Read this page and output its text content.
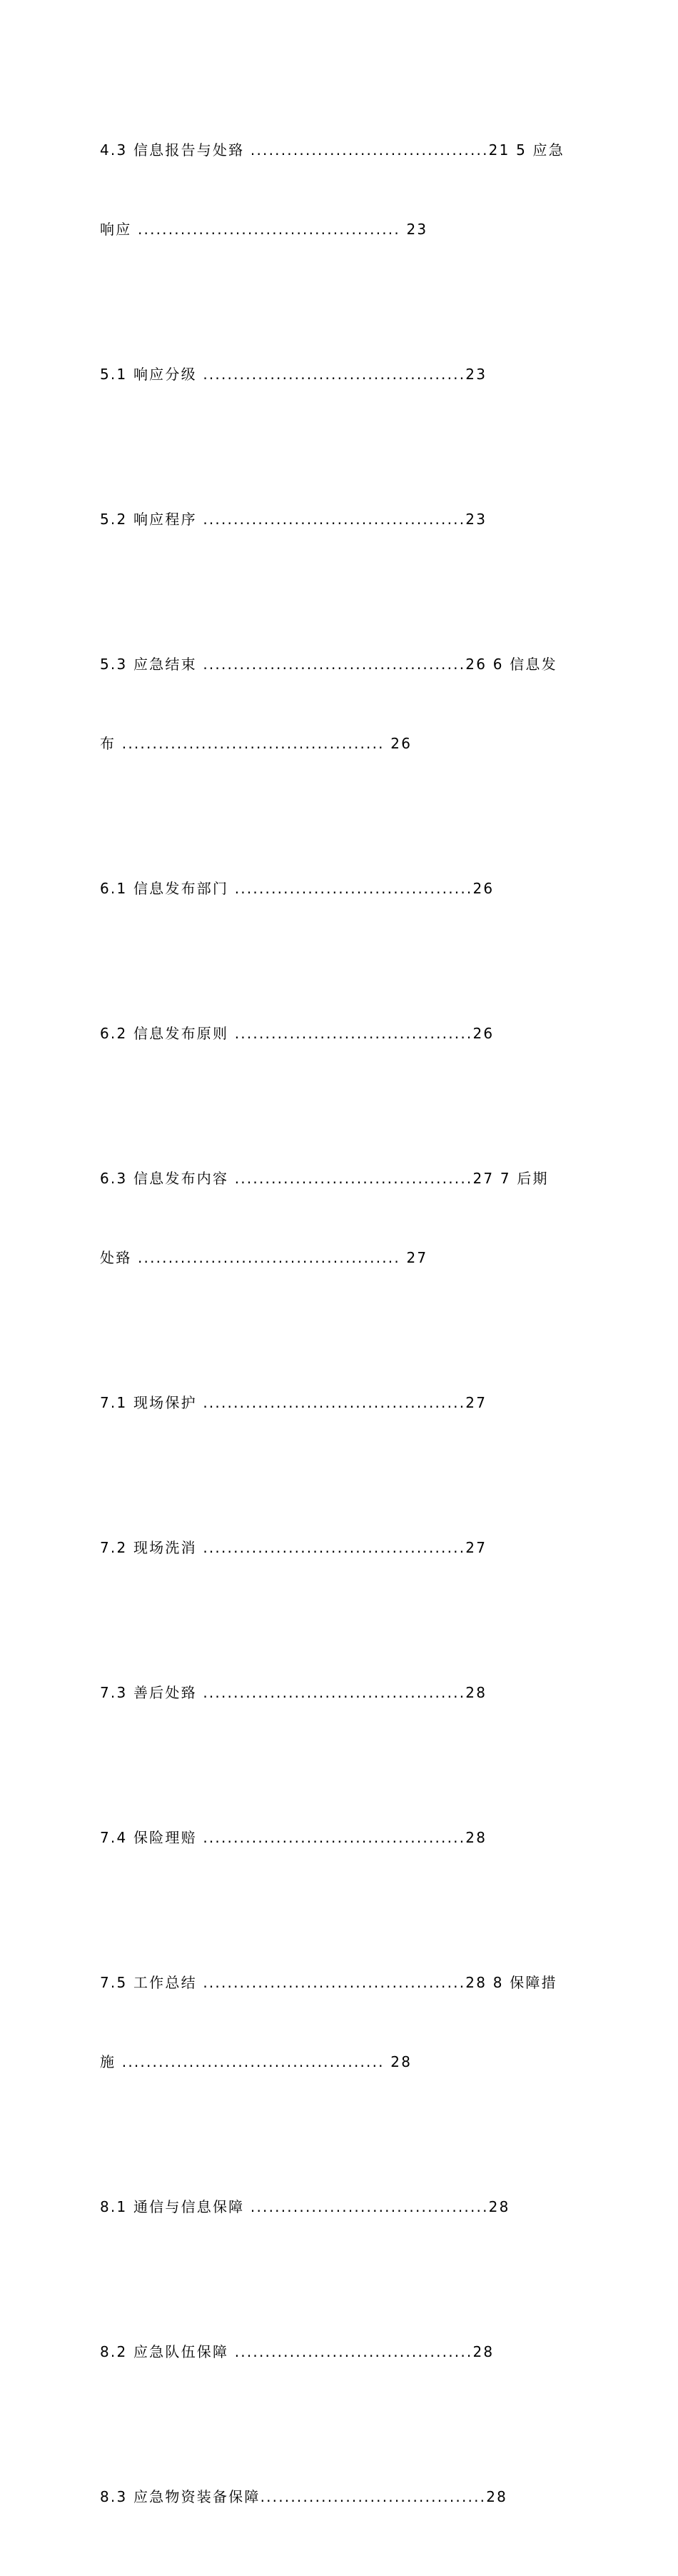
4.3 信息报告与处臵 .......................................21 5 应急

响应 ........................................... 23

5.1 响应分级 ...........................................23

5.2 响应程序 ...........................................23

5.3 应急结束 ...........................................26 6 信息发

布 ........................................... 26

6.1 信息发布部门 .......................................26

6.2 信息发布原则 .......................................26

6.3 信息发布内容 .......................................27 7 后期

处臵 ........................................... 27

7.1 现场保护 ...........................................27

7.2 现场洗消 ...........................................27

7.3 善后处臵 ...........................................28

7.4 保险理赔 ...........................................28

7.5 工作总结 ...........................................28 8 保障措

施 ........................................... 28

8.1 通信与信息保障 .......................................28

8.2 应急队伍保障 .......................................28

8.3 应急物资装备保障.....................................28
